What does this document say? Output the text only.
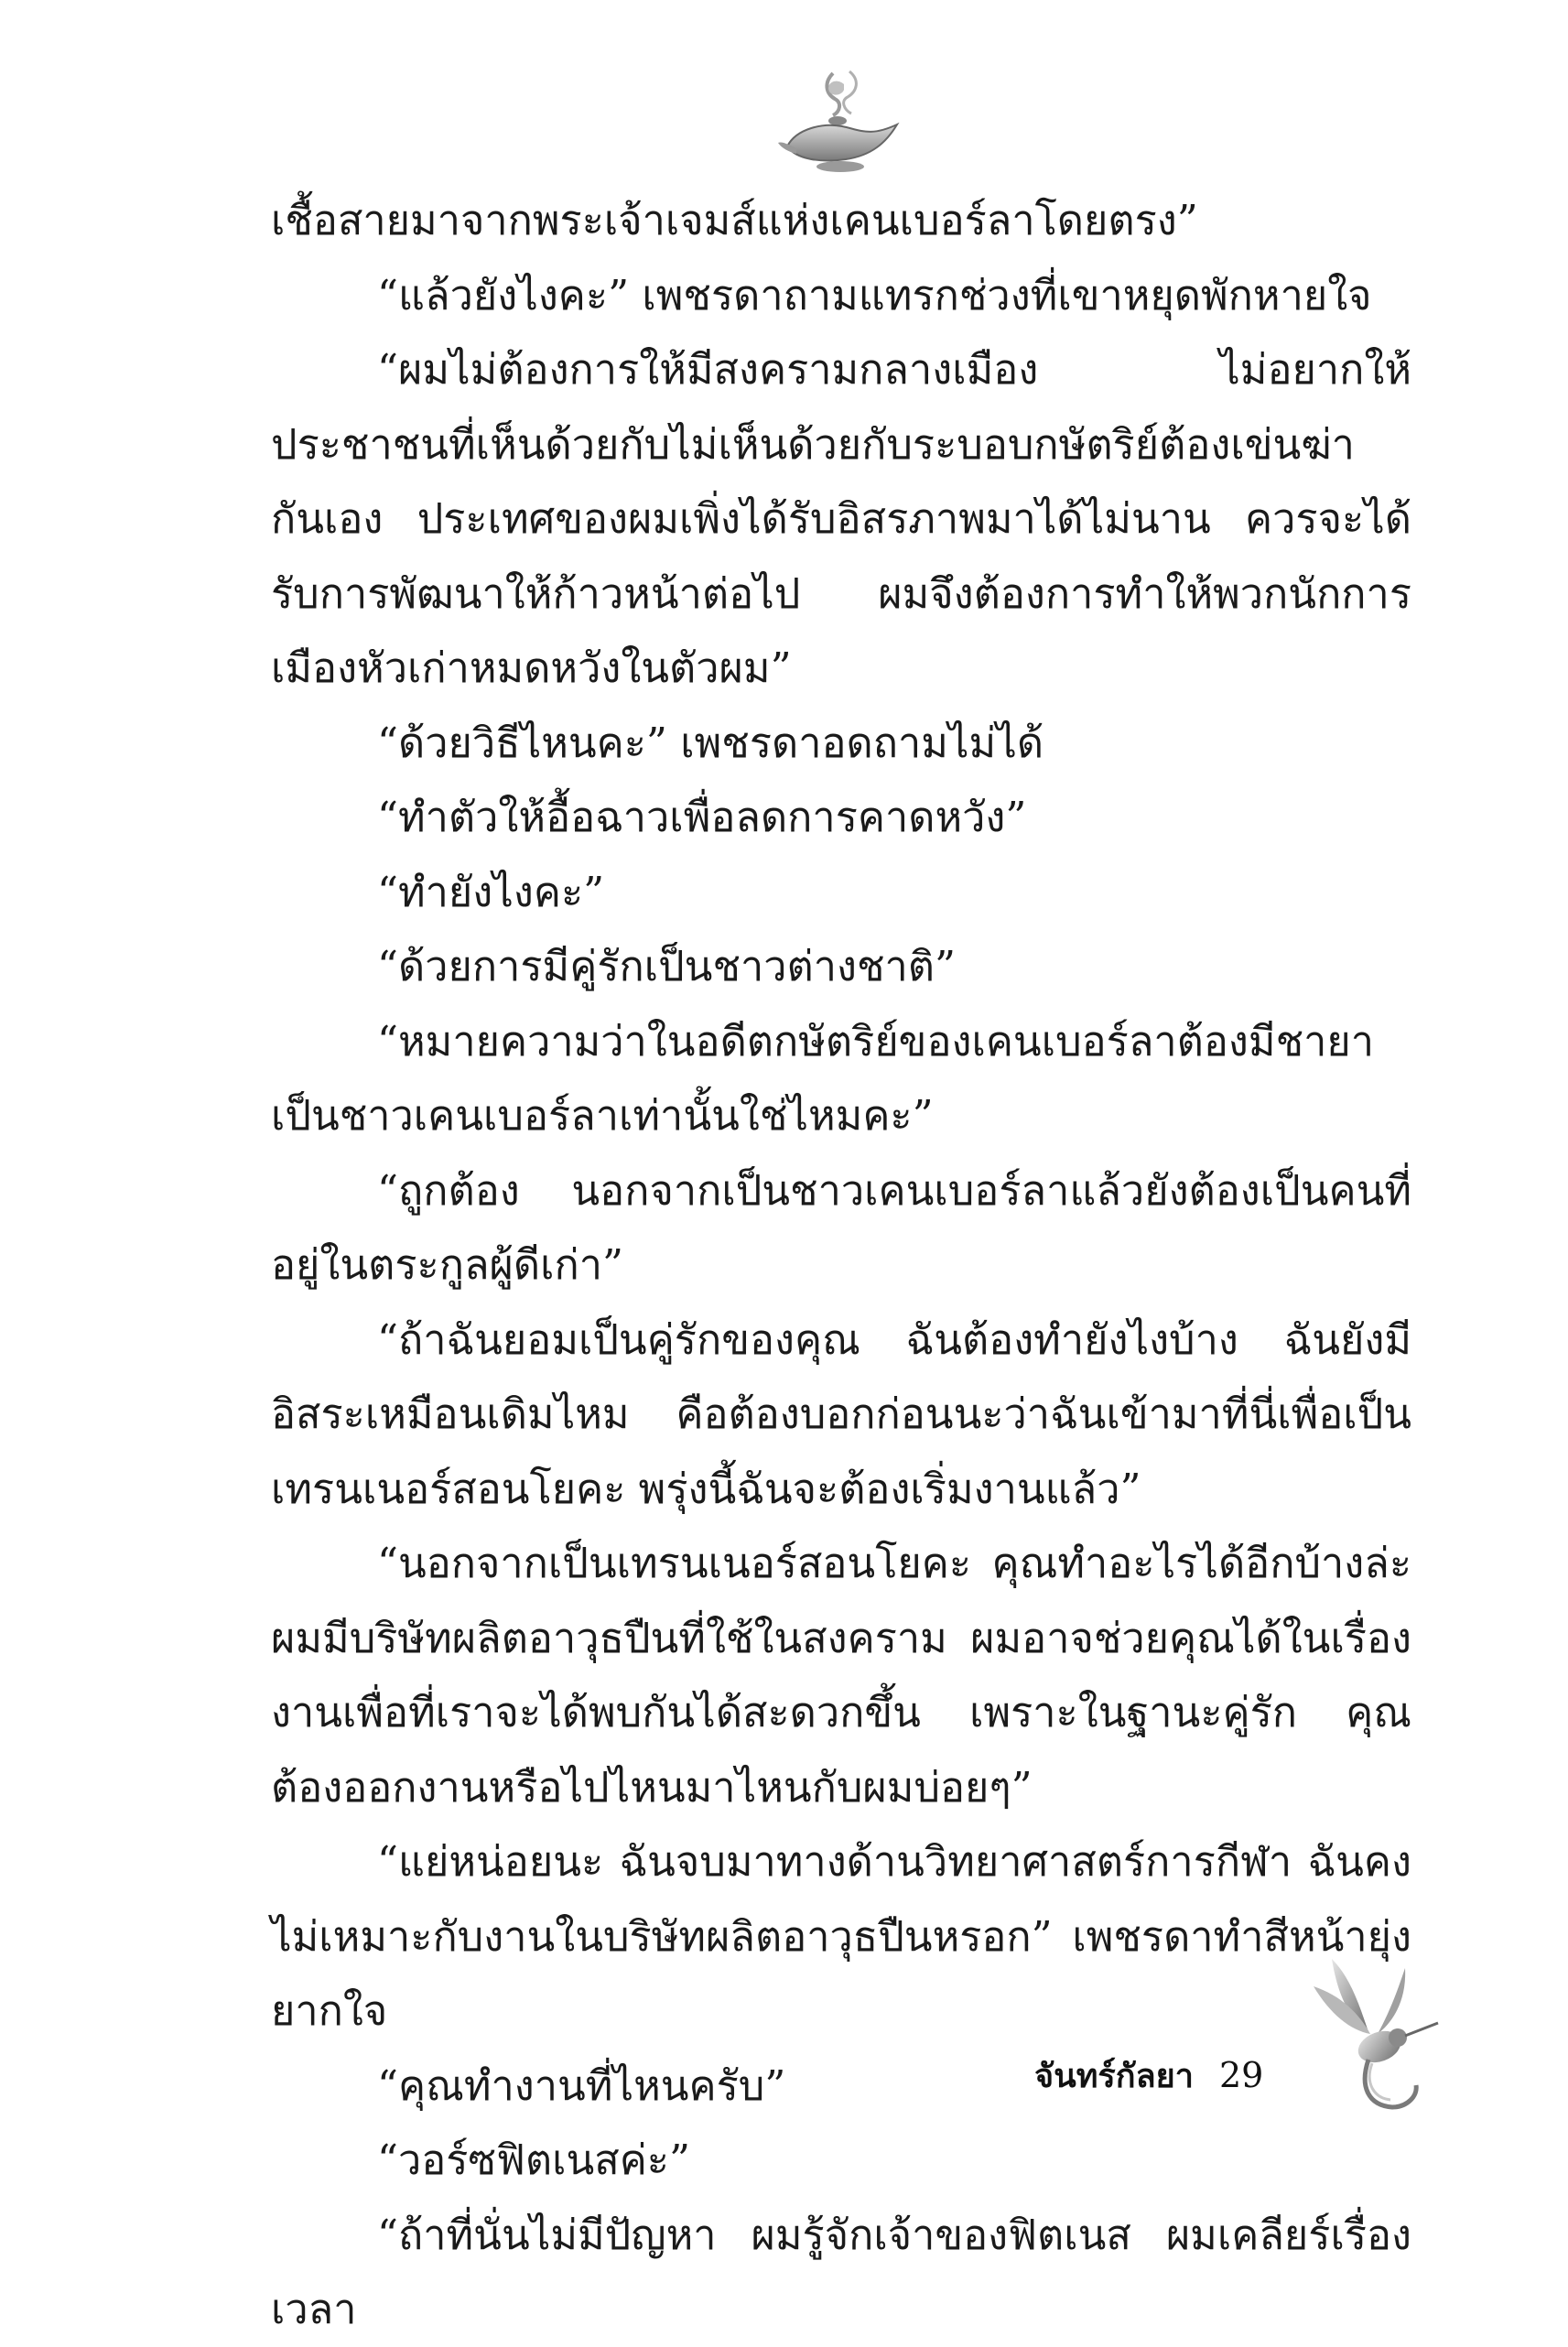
เชื้อสายมาจากพระเจ้าเจมส์แห่งเคนเบอร์ลาโดยตรง”

“แล้วยังไงคะ” เพชรดาถามแทรกช่วงที่เขาหยุดพักหายใจ

“ผมไม่ต้องการให้มีสงครามกลางเมือง ไม่อยากให้ประชาชนที่เห็นด้วยกับไม่เห็นด้วยกับระบอบกษัตริย์ต้องเข่นฆ่ากันเอง ประเทศของผมเพิ่งได้รับอิสรภาพมาได้ไม่นาน ควรจะได้รับการพัฒนาให้ก้าวหน้าต่อไป ผมจึงต้องการทำให้พวกนักการเมืองหัวเก่าหมดหวังในตัวผม”

“ด้วยวิธีไหนคะ” เพชรดาอดถามไม่ได้

“ทำตัวให้อื้อฉาวเพื่อลดการคาดหวัง”

“ทำยังไงคะ”

“ด้วยการมีคู่รักเป็นชาวต่างชาติ”

“หมายความว่าในอดีตกษัตริย์ของเคนเบอร์ลาต้องมีชายาเป็นชาวเคนเบอร์ลาเท่านั้นใช่ไหมคะ”

“ถูกต้อง นอกจากเป็นชาวเคนเบอร์ลาแล้วยังต้องเป็นคนที่อยู่ในตระกูลผู้ดีเก่า”

“ถ้าฉันยอมเป็นคู่รักของคุณ ฉันต้องทำยังไงบ้าง ฉันยังมีอิสระเหมือนเดิมไหม คือต้องบอกก่อนนะว่าฉันเข้ามาที่นี่เพื่อเป็นเทรนเนอร์สอนโยคะ พรุ่งนี้ฉันจะต้องเริ่มงานแล้ว”

“นอกจากเป็นเทรนเนอร์สอนโยคะ คุณทำอะไรได้อีกบ้างล่ะ ผมมีบริษัทผลิตอาวุธปืนที่ใช้ในสงคราม ผมอาจช่วยคุณได้ในเรื่องงานเพื่อที่เราจะได้พบกันได้สะดวกขึ้น เพราะในฐานะคู่รัก คุณต้องออกงานหรือไปไหนมาไหนกับผมบ่อยๆ”

“แย่หน่อยนะ ฉันจบมาทางด้านวิทยาศาสตร์การกีฬา ฉันคงไม่เหมาะกับงานในบริษัทผลิตอาวุธปืนหรอก” เพชรดาทำสีหน้ายุ่งยากใจ

“คุณทำงานที่ไหนครับ”

“วอร์ซฟิตเนสค่ะ”

“ถ้าที่นั่นไม่มีปัญหา ผมรู้จักเจ้าของฟิตเนส ผมเคลียร์เรื่องเวลา

จันทร์กัลยา 29
